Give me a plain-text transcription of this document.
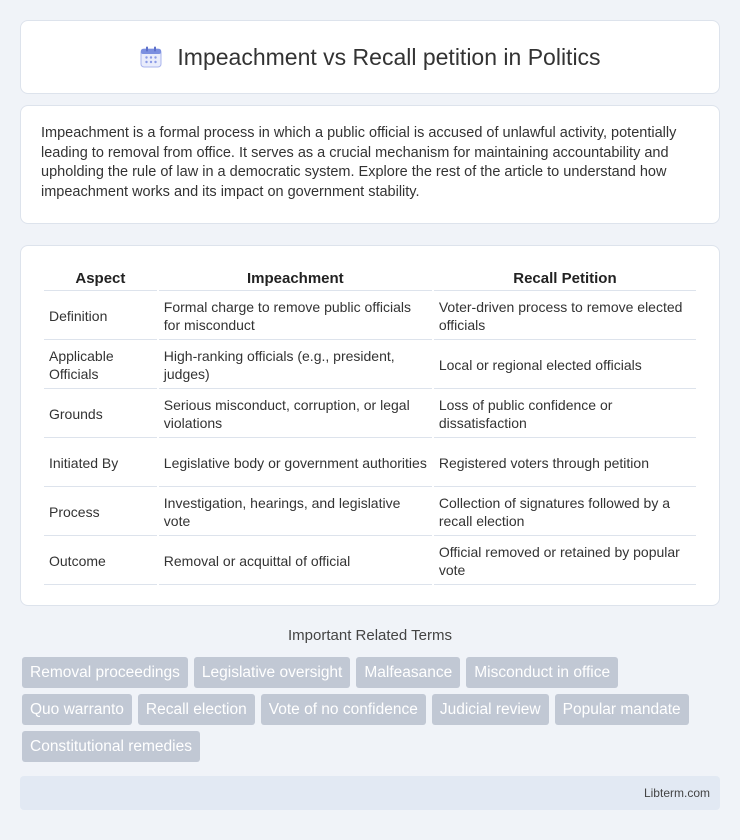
Impeachment vs Recall petition in Politics

Impeachment is a formal process in which a public official is accused of unlawful activity, potentially leading to removal from office. It serves as a crucial mechanism for maintaining accountability and upholding the rule of law in a democratic system. Explore the rest of the article to understand how impeachment works and its impact on government stability.

Aspect	Impeachment	Recall Petition
Definition	Formal charge to remove public officials for misconduct	Voter-driven process to remove elected officials
Applicable Officials	High-ranking officials (e.g., president, judges)	Local or regional elected officials
Grounds	Serious misconduct, corruption, or legal violations	Loss of public confidence or dissatisfaction
Initiated By	Legislative body or government authorities	Registered voters through petition
Process	Investigation, hearings, and legislative vote	Collection of signatures followed by a recall election
Outcome	Removal or acquittal of official	Official removed or retained by popular vote
Important Related Terms
Removal proceedings	Legislative oversight	Malfeasance	Misconduct in office
Quo warranto	Recall election	Vote of no confidence	Judicial review	Popular mandate
Constitutional remedies
Libterm.com
